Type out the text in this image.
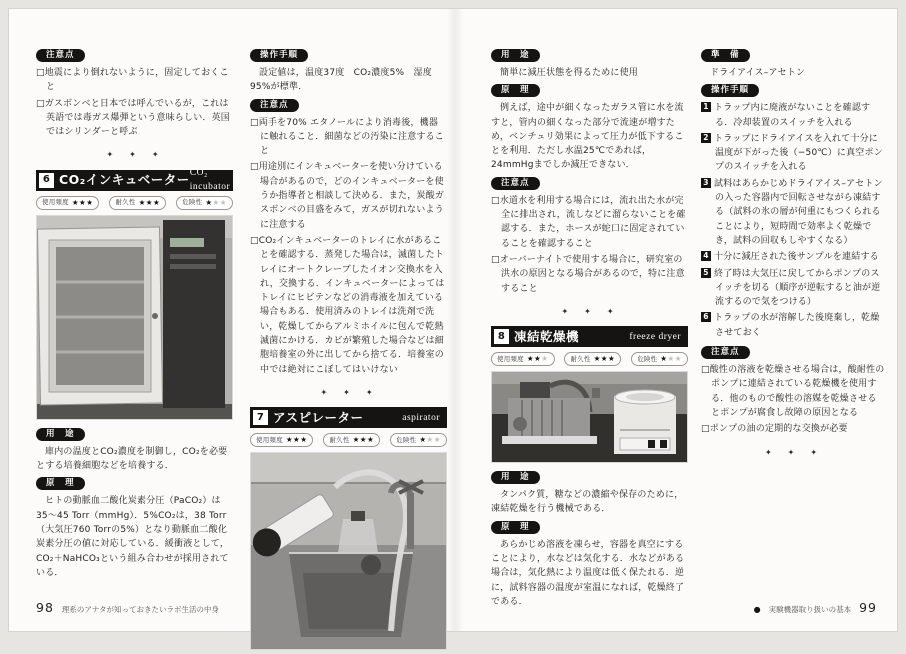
注意点

□地震により倒れないように，固定しておくこと

□ガスボンベと日本では呼んでいるが，これは英語では毒ガス爆弾という意味らしい．英国ではシリンダーと呼ぶ

✦　✦　✦
6 CO₂インキュベーター CO₂ incubator
使用頻度 ★★★	耐久性 ★★★	危険性 ★★★
用　途

庫内の温度とCO₂濃度を制御し，CO₂を必要とする培養細胞などを培養する．

原　理

ヒトの動脈血二酸化炭素分圧（PaCO₂）は35〜45 Torr（mmHg）．5%CO₂は，38 Torr（大気圧760 Torrの5%）となり動脈血二酸化炭素分圧の値に対応している．緩衝液として，CO₂＋NaHCO₃という組み合わせが採用されている．

操作手順

設定値は，温度37度　CO₂濃度5%　湿度95%が標準．

注意点

□両手を70% エタノールにより消毒後，機器に触れること．細菌などの汚染に注意すること

□用途別にインキュベーターを使い分けている場合があるので，どのインキュベーターを使うか指導者と相談して決める．また，炭酸ガスボンベの目盛をみて，ガスが切れないように注意する

□CO₂インキュベーターのトレイに水があることを確認する．蒸発した場合は，滅菌したトレイにオートクレーブしたイオン交換水を入れ，交換する．インキュベーターによってはトレイにヒビテンなどの消毒液を加えている場合もある．使用済みのトレイは洗剤で洗い，乾燥してからアルミホイルに包んで乾熱滅菌にかける．カビが繁殖した場合などは細胞培養室の外に出してから捨てる．培養室の中では絶対にこぼしてはいけない

✦　✦　✦
7 アスピレーター	aspirator
使用頻度 ★★★	耐久性 ★★★	危険性 ★★★
用　途

簡単に減圧状態を得るために使用

原　理

例えば，途中が細くなったガラス管に水を流すと，管内の細くなった部分で流速が増すため，ベンチュリ効果によって圧力が低下することを利用．ただし水温25℃であれば，24mmHgまでしか減圧できない．

注意点

□水道水を利用する場合には，流れ出た水が完全に排出され，流しなどに溜らないことを確認する．また，ホースが蛇口に固定されていることを確認すること

□オーバーナイトで使用する場合に，研究室の洪水の原因となる場合があるので，特に注意すること

✦　✦　✦
8 凍結乾燥機	freeze dryer
使用頻度 ★★★	耐久性 ★★★	危険性 ★★★
用　途

タンパク質，糖などの濃縮や保存のために，凍結乾燥を行う機械である．

原　理

あらかじめ溶液を凍らせ，容器を真空にすることにより，水などは気化する．水などがある場合は，気化熱により温度は低く保たれる．逆に，試料容器の温度が室温になれば，乾燥終了である．

準　備

ドライアイス–アセトン

操作手順

1 トラップ内に廃液がないことを確認する．冷却装置のスイッチを入れる

2 トラップにドライアイスを入れて十分に温度が下がった後（−50℃）に真空ポンプのスイッチを入れる

3 試料はあらかじめドライアイス–アセトンの入った容器内で回転させながら凍結する（試料の氷の層が何重にもつくられることにより，短時間で効率よく乾燥でき，試料の回収もしやすくなる）

4 十分に減圧された後サンプルを連結する

5 終了時は大気圧に戻してからポンプのスイッチを切る（順序が逆転すると油が逆流するので気をつける）

6 トラップの水が溶解した後廃棄し，乾燥させておく

注意点

□酸性の溶液を乾燥させる場合は，酸耐性のポンプに連結されている乾燥機を使用する．他のもので酸性の溶媒を乾燥させるとポンプが腐食し故障の原因となる

□ポンプの油の定期的な交換が必要

✦　✦　✦
98 理系のアナタが知っておきたいラボ生活の中身	● 実験機器取り扱いの基本 99
